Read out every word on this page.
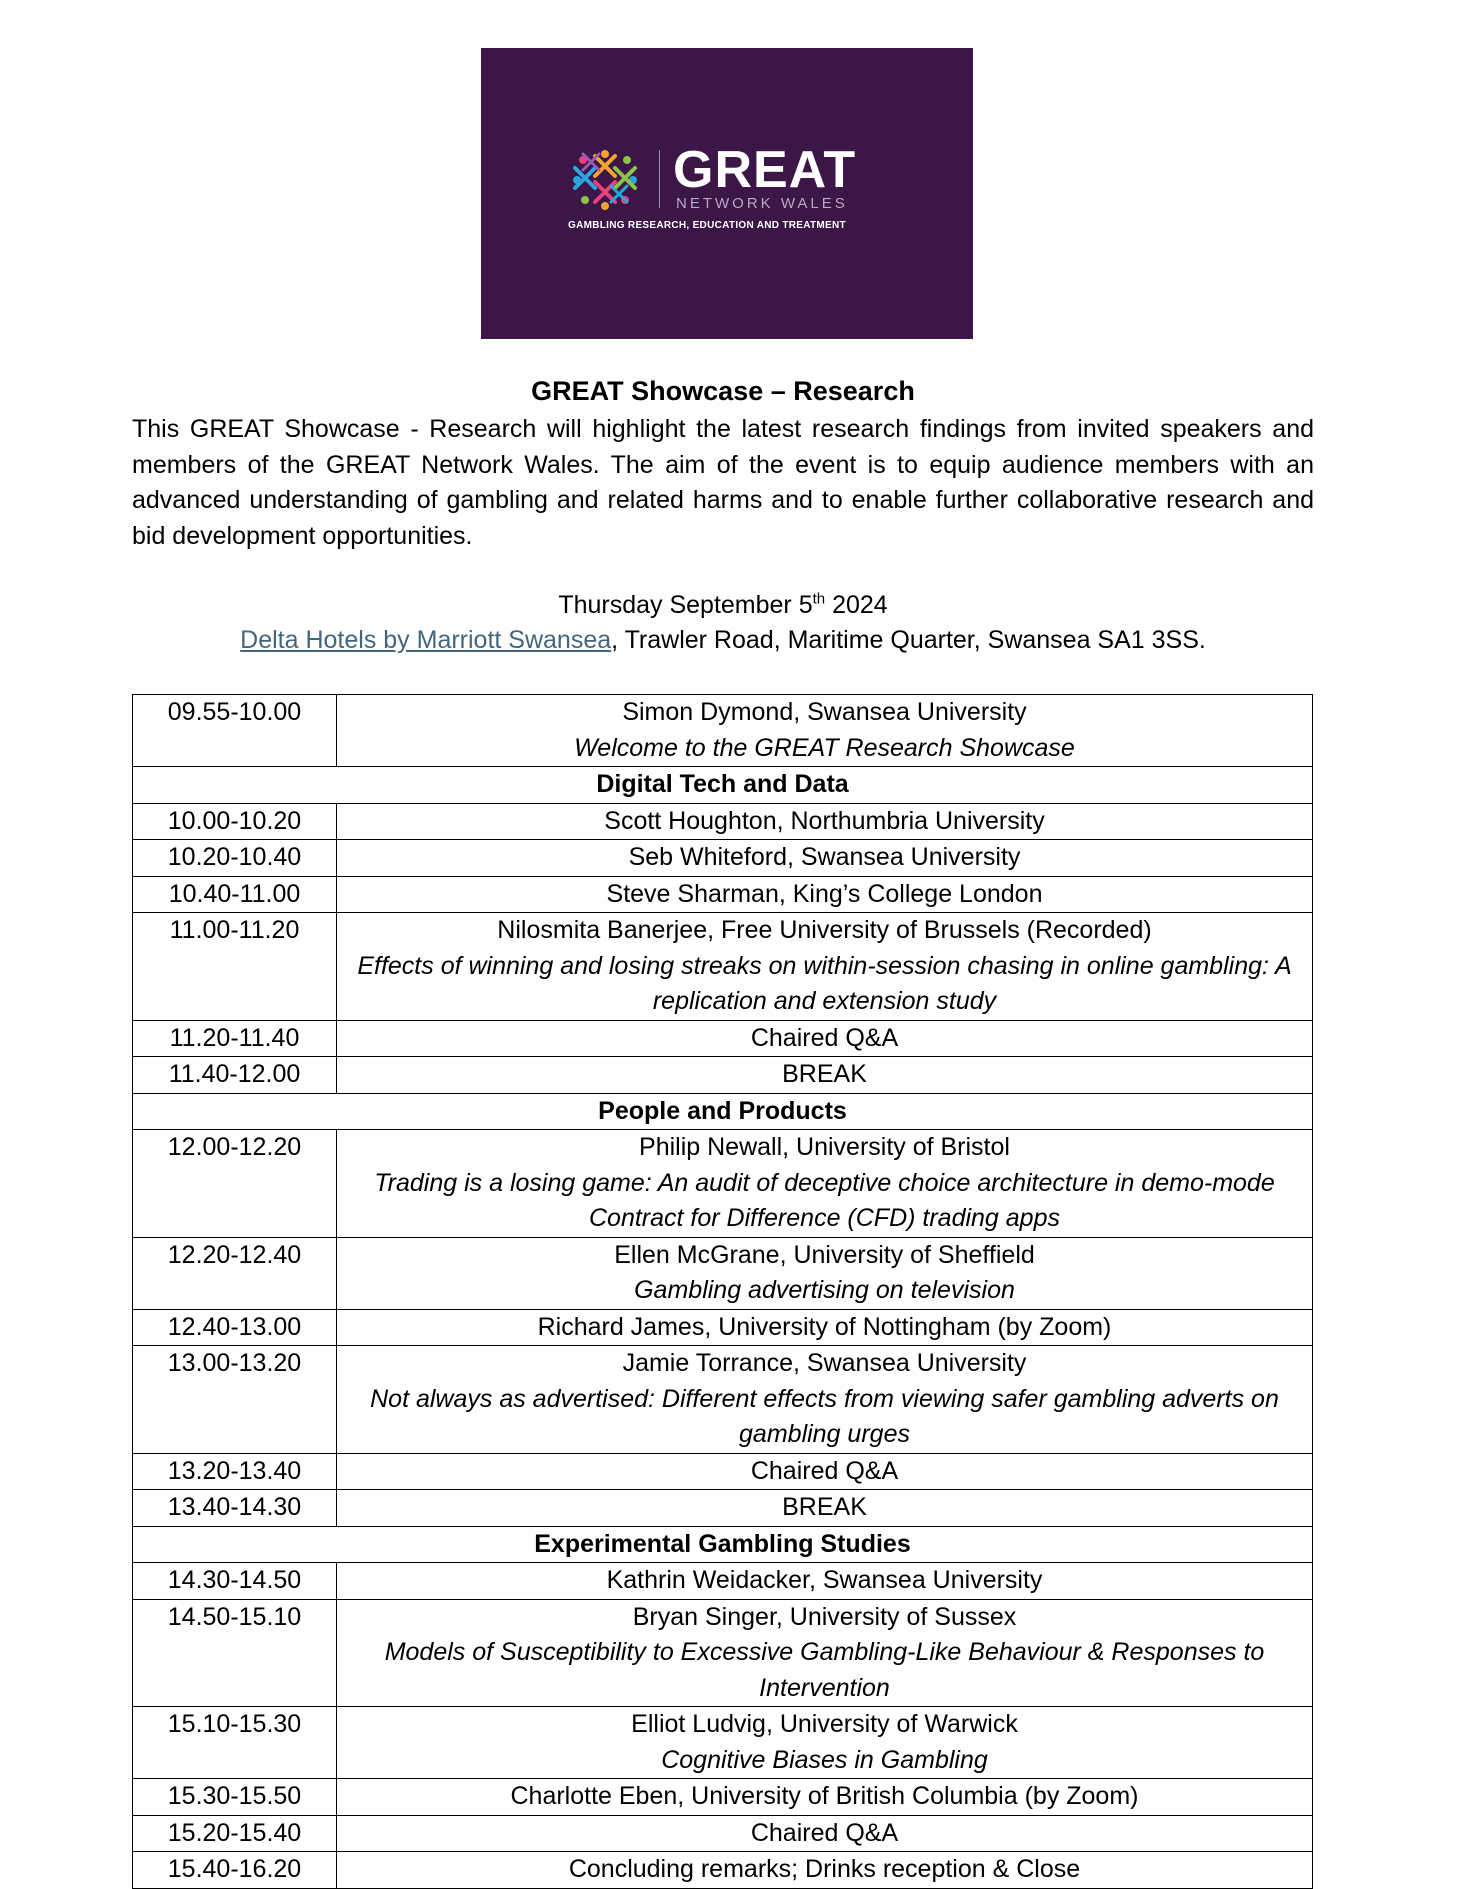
GREAT
NETWORK WALES
GAMBLING RESEARCH, EDUCATION AND TREATMENT
GREAT Showcase – Research

This GREAT Showcase - Research will highlight the latest research findings from invited speakers and members of the GREAT Network Wales. The aim of the event is to equip audience members with an advanced understanding of gambling and related harms and to enable further collaborative research and bid development opportunities.

Thursday September 5th 2024
Delta Hotels by Marriott Swansea, Trawler Road, Maritime Quarter, Swansea SA1 3SS.
09.55-10.00	Simon Dymond, Swansea University
Welcome to the GREAT Research Showcase

Digital Tech and Data	
10.00-10.20	Scott Houghton, Northumbria University

10.20-10.40	Seb Whiteford, Swansea University

10.40-11.00	Steve Sharman, King’s College London

11.00-11.20	Nilosmita Banerjee, Free University of Brussels (Recorded)
Effects of winning and losing streaks on within-session chasing in online gambling: A replication and extension study

11.20-11.40	Chaired Q&A

11.40-12.00	BREAK

People and Products	
12.00-12.20	Philip Newall, University of Bristol
Trading is a losing game: An audit of deceptive choice architecture in demo-mode Contract for Difference (CFD) trading apps

12.20-12.40	Ellen McGrane, University of Sheffield
Gambling advertising on television

12.40-13.00	Richard James, University of Nottingham (by Zoom)

13.00-13.20	Jamie Torrance, Swansea University
Not always as advertised: Different effects from viewing safer gambling adverts on gambling urges

13.20-13.40	Chaired Q&A

13.40-14.30	BREAK

Experimental Gambling Studies	
14.30-14.50	Kathrin Weidacker, Swansea University

14.50-15.10	Bryan Singer, University of Sussex
Models of Susceptibility to Excessive Gambling-Like Behaviour & Responses to Intervention

15.10-15.30	Elliot Ludvig, University of Warwick
Cognitive Biases in Gambling

15.30-15.50	Charlotte Eben, University of British Columbia (by Zoom)

15.20-15.40	Chaired Q&A

15.40-16.20	Concluding remarks; Drinks reception & Close
